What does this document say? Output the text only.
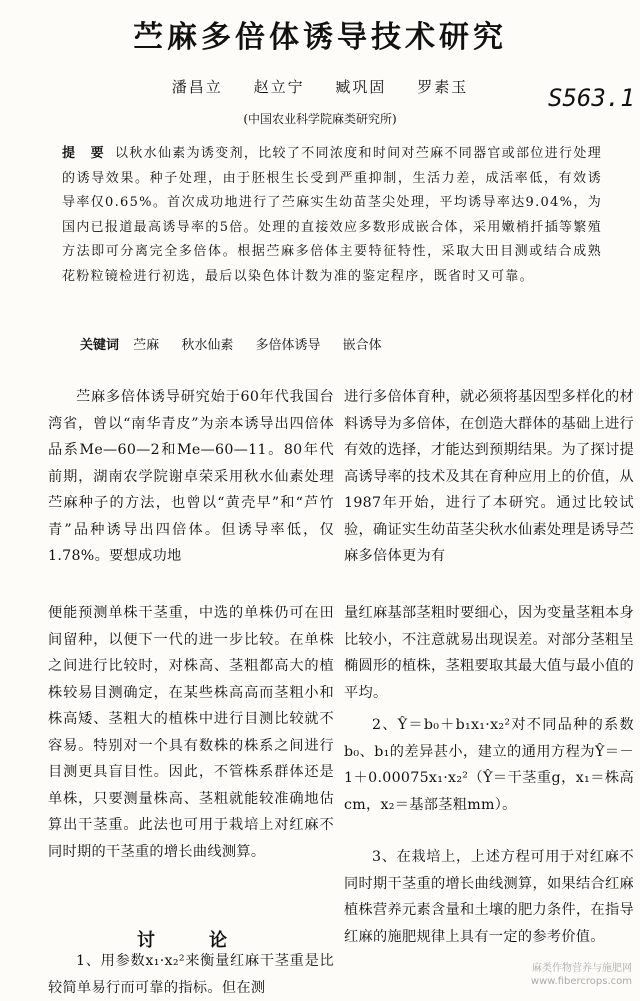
苎麻多倍体诱导技术研究
潘昌立 赵立宁 臧巩固 罗素玉	S563.1
(中国农业科学院麻类研究所)
提　要 以秋水仙素为诱变剂，比较了不同浓度和时间对苎麻不同器官或部位进行处理的诱导效果。种子处理，由于胚根生长受到严重抑制，生活力差，成活率低，有效诱导率仅0.65%。首次成功地进行了苎麻实生幼苗茎尖处理，平均诱导率达9.04%，为国内已报道最高诱导率的5倍。处理的直接效应多数形成嵌合体，采用嫩梢扦插等繁殖方法即可分离完全多倍体。根据苎麻多倍体主要特征特性，采取大田目测或结合成熟花粉粒镜检进行初选，最后以染色体计数为准的鉴定程序，既省时又可靠。
关键词 苎麻 秋水仙素 多倍体诱导 嵌合体
苎麻多倍体诱导研究始于60年代我国台湾省，曾以“南华青皮”为亲本诱导出四倍体品系Me—60—2和Me—60—11。80年代前期，湖南农学院谢卓荣采用秋水仙素处理苎麻种子的方法，也曾以“黄壳早”和“芦竹青”品种诱导出四倍体。但诱导率低，仅1.78%。要想成功地
进行多倍体育种，就必须将基因型多样化的材料诱导为多倍体，在创造大群体的基础上进行有效的选择，才能达到预期结果。为了探讨提高诱导率的技术及其在育种应用上的价值，从1987年开始，进行了本研究。通过比较试验，确证实生幼苗茎尖秋水仙素处理是诱导苎麻多倍体更为有
便能预测单株干茎重，中选的单株仍可在田间留种，以便下一代的进一步比较。在单株之间进行比较时，对株高、茎粗都高大的植株较易目测确定，在某些株高高而茎粗小和株高矮、茎粗大的植株中进行目测比较就不容易。特别对一个具有数株的株系之间进行目测更具盲目性。因此，不管株系群体还是单株，只要测量株高、茎粗就能较准确地估算出干茎重。此法也可用于栽培上对红麻不同时期的干茎重的增长曲线测算。
讨　论
1、用参数x₁·x₂²来衡量红麻干茎重是比较简单易行而可靠的指标。但在测
量红麻基部茎粗时要细心，因为变量茎粗本身比较小，不注意就易出现误差。对部分茎粗呈椭圆形的植株，茎粗要取其最大值与最小值的平均。
2、Ŷ＝b₀＋b₁x₁·x₂²对不同品种的系数b₀、b₁的差异甚小，建立的通用方程为Ŷ＝－1＋0.00075x₁·x₂²（Ŷ＝干茎重g，x₁＝株高cm，x₂＝基部茎粗mm）。
3、在栽培上，上述方程可用于对红麻不同时期干茎重的增长曲线测算，如果结合红麻植株营养元素含量和土壤的肥力条件，在指导红麻的施肥规律上具有一定的参考价值。
麻类作物营养与施肥网
www.fibercrops.com
